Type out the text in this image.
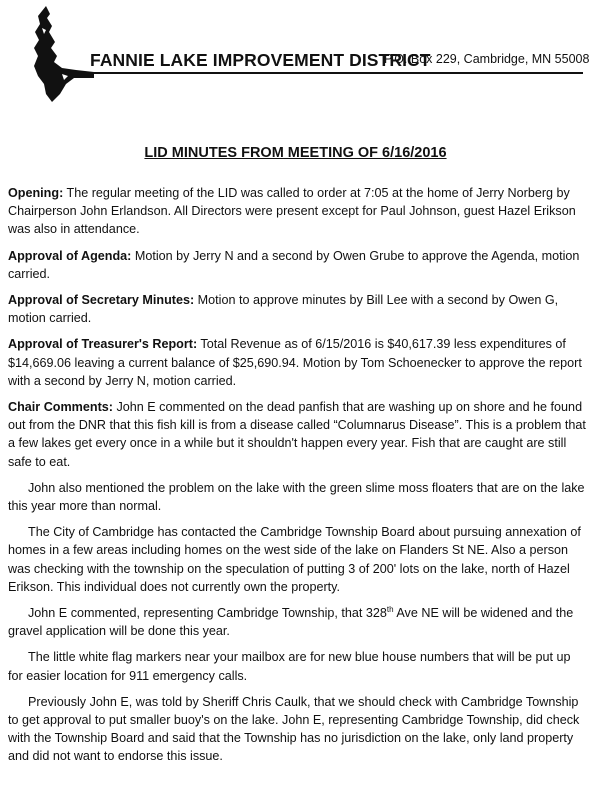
FANNIE LAKE IMPROVEMENT DISTRICT
P.O. Box 229, Cambridge, MN 55008
LID MINUTES FROM MEETING OF 6/16/2016

Opening: The regular meeting of the LID was called to order at 7:05 at the home of Jerry Norberg by Chairperson John Erlandson. All Directors were present except for Paul Johnson, guest Hazel Erikson was also in attendance.

Approval of Agenda: Motion by Jerry N and a second by Owen Grube to approve the Agenda, motion carried.

Approval of Secretary Minutes: Motion to approve minutes by Bill Lee with a second by Owen G, motion carried.

Approval of Treasurer's Report: Total Revenue as of 6/15/2016 is $40,617.39 less expenditures of $14,669.06 leaving a current balance of $25,690.94. Motion by Tom Schoenecker to approve the report with a second by Jerry N, motion carried.

Chair Comments: John E commented on the dead panfish that are washing up on shore and he found out from the DNR that this fish kill is from a disease called “Columnarus Disease”. This is a problem that a few lakes get every once in a while but it shouldn't happen every year. Fish that are caught are still safe to eat.

John also mentioned the problem on the lake with the green slime moss floaters that are on the lake this year more than normal.

The City of Cambridge has contacted the Cambridge Township Board about pursuing annexation of homes in a few areas including homes on the west side of the lake on Flanders St NE. Also a person was checking with the township on the speculation of putting 3 of 200' lots on the lake, north of Hazel Erikson. This individual does not currently own the property.

John E commented, representing Cambridge Township, that 328th Ave NE will be widened and the gravel application will be done this year.

The little white flag markers near your mailbox are for new blue house numbers that will be put up for easier location for 911 emergency calls.

Previously John E, was told by Sheriff Chris Caulk, that we should check with Cambridge Township to get approval to put smaller buoy's on the lake. John E, representing Cambridge Township, did check with the Township Board and said that the Township has no jurisdiction on the lake, only land property and did not want to endorse this issue.
